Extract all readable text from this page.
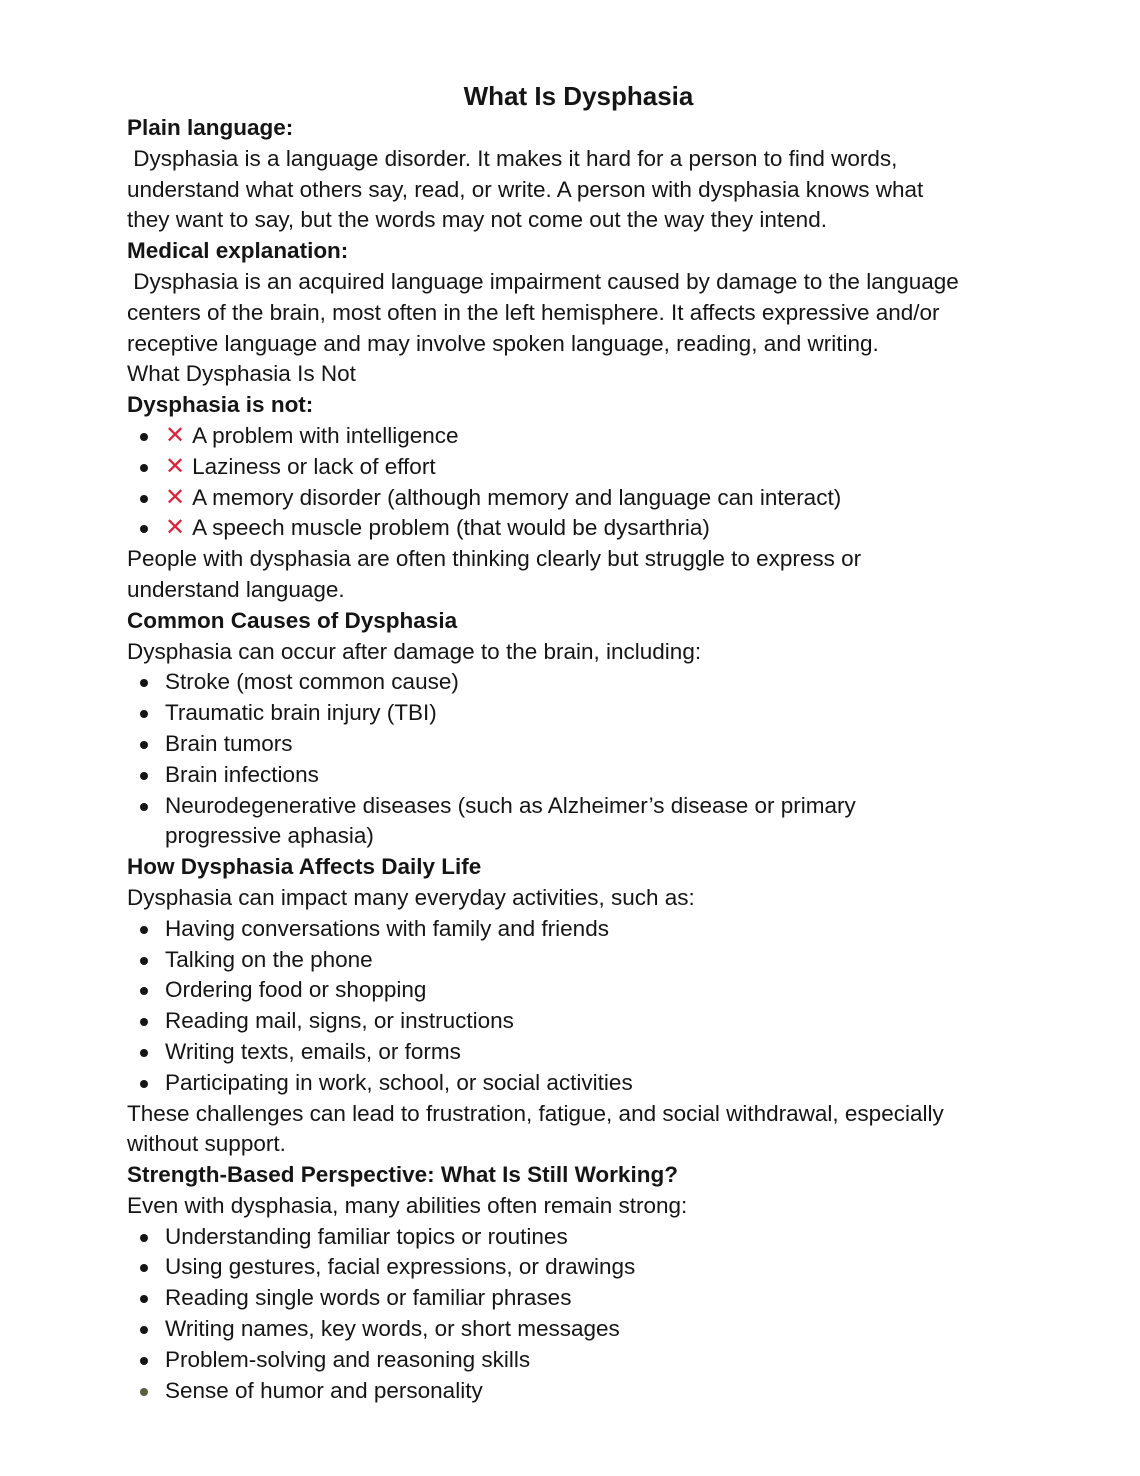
What Is Dysphasia
Plain language:
Dysphasia is a language disorder. It makes it hard for a person to find words,
understand what others say, read, or write. A person with dysphasia knows what
they want to say, but the words may not come out the way they intend.
Medical explanation:
Dysphasia is an acquired language impairment caused by damage to the language
centers of the brain, most often in the left hemisphere. It affects expressive and/or
receptive language and may involve spoken language, reading, and writing.
What Dysphasia Is Not
Dysphasia is not:
✕ A problem with intelligence
✕ Laziness or lack of effort
✕ A memory disorder (although memory and language can interact)
✕ A speech muscle problem (that would be dysarthria)
People with dysphasia are often thinking clearly but struggle to express or
understand language.
Common Causes of Dysphasia
Dysphasia can occur after damage to the brain, including:
Stroke (most common cause)
Traumatic brain injury (TBI)
Brain tumors
Brain infections
Neurodegenerative diseases (such as Alzheimer’s disease or primary progressive aphasia)
How Dysphasia Affects Daily Life
Dysphasia can impact many everyday activities, such as:
Having conversations with family and friends
Talking on the phone
Ordering food or shopping
Reading mail, signs, or instructions
Writing texts, emails, or forms
Participating in work, school, or social activities
These challenges can lead to frustration, fatigue, and social withdrawal, especially
without support.
Strength-Based Perspective: What Is Still Working?
Even with dysphasia, many abilities often remain strong:
Understanding familiar topics or routines
Using gestures, facial expressions, or drawings
Reading single words or familiar phrases
Writing names, key words, or short messages
Problem-solving and reasoning skills
Sense of humor and personality
